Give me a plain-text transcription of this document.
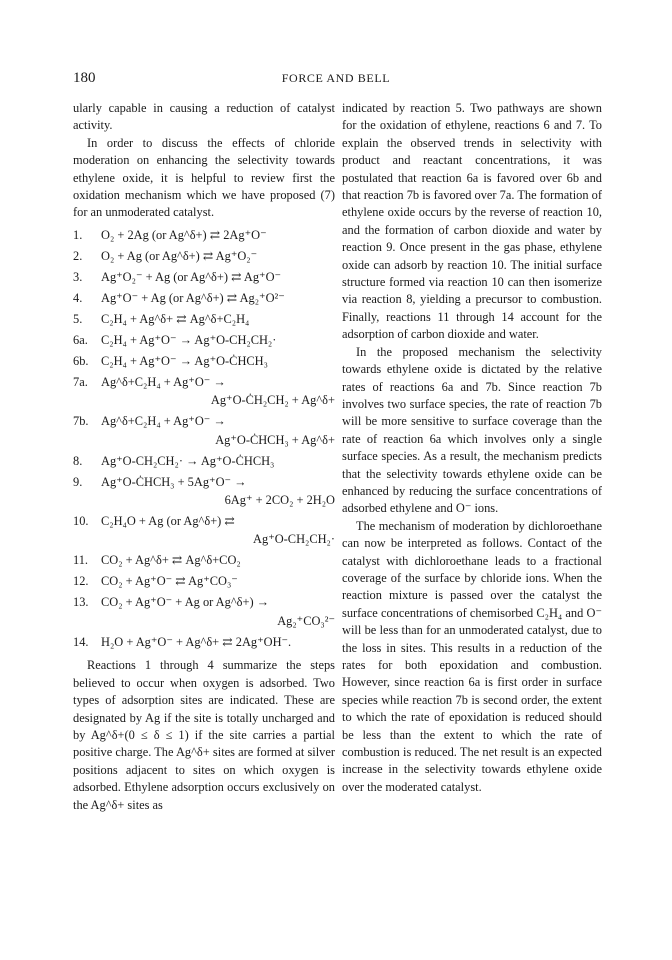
180	FORCE AND BELL

ularly capable in causing a reduction of catalyst activity.

In order to discuss the effects of chloride moderation on enhancing the selectivity towards ethylene oxide, it is helpful to review first the oxidation mechanism which we have proposed (7) for an unmoderated catalyst.

1.	O₂ + 2Ag (or Ag^δ+) ⇄ 2Ag⁺O⁻
2.	O₂ + Ag (or Ag^δ+) ⇄ Ag⁺O₂⁻
3.	Ag⁺O₂⁻ + Ag (or Ag^δ+) ⇄ Ag⁺O⁻
4.	Ag⁺O⁻ + Ag (or Ag^δ+) ⇄ Ag₂⁺O²⁻
5.	C₂H₄ + Ag^δ+ ⇄ Ag^δ+C₂H₄
6a.	C₂H₄ + Ag⁺O⁻ → Ag⁺O-CH₂CH₂·
6b.	C₂H₄ + Ag⁺O⁻ → Ag⁺O-ĊHCH₃
7a.	Ag^δ+C₂H₄ + Ag⁺O⁻ →
Ag⁺O-ĊH₂CH₂ + Ag^δ+
7b.	Ag^δ+C₂H₄ + Ag⁺O⁻ →
Ag⁺O-ĊHCH₃ + Ag^δ+
8.	Ag⁺O-CH₂CH₂· → Ag⁺O-ĊHCH₃
9.	Ag⁺O-ĊHCH₃ + 5Ag⁺O⁻ →
6Ag⁺ + 2CO₂ + 2H₂O
10.	C₂H₄O + Ag (or Ag^δ+) ⇄
Ag⁺O-CH₂CH₂·
11.	CO₂ + Ag^δ+ ⇄ Ag^δ+CO₂
12.	CO₂ + Ag⁺O⁻ ⇄ Ag⁺CO₃⁻
13.	CO₂ + Ag⁺O⁻ + Ag or Ag^δ+) →
Ag₂⁺CO₃²⁻
14.	H₂O + Ag⁺O⁻ + Ag^δ+ ⇄ 2Ag⁺OH⁻.

Reactions 1 through 4 summarize the steps believed to occur when oxygen is adsorbed. Two types of adsorption sites are indicated. These are designated by Ag if the site is totally uncharged and by Ag^δ+(0 ≤ δ ≤ 1) if the site carries a partial positive charge. The Ag^δ+ sites are formed at silver positions adjacent to sites on which oxygen is adsorbed. Ethylene adsorption occurs exclusively on the Ag^δ+ sites as

indicated by reaction 5. Two pathways are shown for the oxidation of ethylene, reactions 6 and 7. To explain the observed trends in selectivity with product and reactant concentrations, it was postulated that reaction 6a is favored over 6b and that reaction 7b is favored over 7a. The formation of ethylene oxide occurs by the reverse of reaction 10, and the formation of carbon dioxide and water by reaction 9. Once present in the gas phase, ethylene oxide can adsorb by reaction 10. The initial surface structure formed via reaction 10 can then isomerize via reaction 8, yielding a precursor to combustion. Finally, reactions 11 through 14 account for the adsorption of carbon dioxide and water.

In the proposed mechanism the selectivity towards ethylene oxide is dictated by the relative rates of reactions 6a and 7b. Since reaction 7b involves two surface species, the rate of reaction 7b will be more sensitive to surface coverage than the rate of reaction 6a which involves only a single surface species. As a result, the mechanism predicts that the selectivity towards ethylene oxide can be enhanced by reducing the surface concentrations of adsorbed ethylene and O⁻ ions.

The mechanism of moderation by dichloroethane can now be interpreted as follows. Contact of the catalyst with dichloroethane leads to a fractional coverage of the surface by chloride ions. When the reaction mixture is passed over the catalyst the surface concentrations of chemisorbed C₂H₄ and O⁻ will be less than for an unmoderated catalyst, due to the loss in sites. This results in a reduction of the rates for both epoxidation and combustion. However, since reaction 6a is first order in surface species while reaction 7b is second order, the extent to which the rate of epoxidation is reduced should be less than the extent to which the rate of combustion is reduced. The net result is an expected increase in the selectivity towards ethylene oxide over the moderated catalyst.
